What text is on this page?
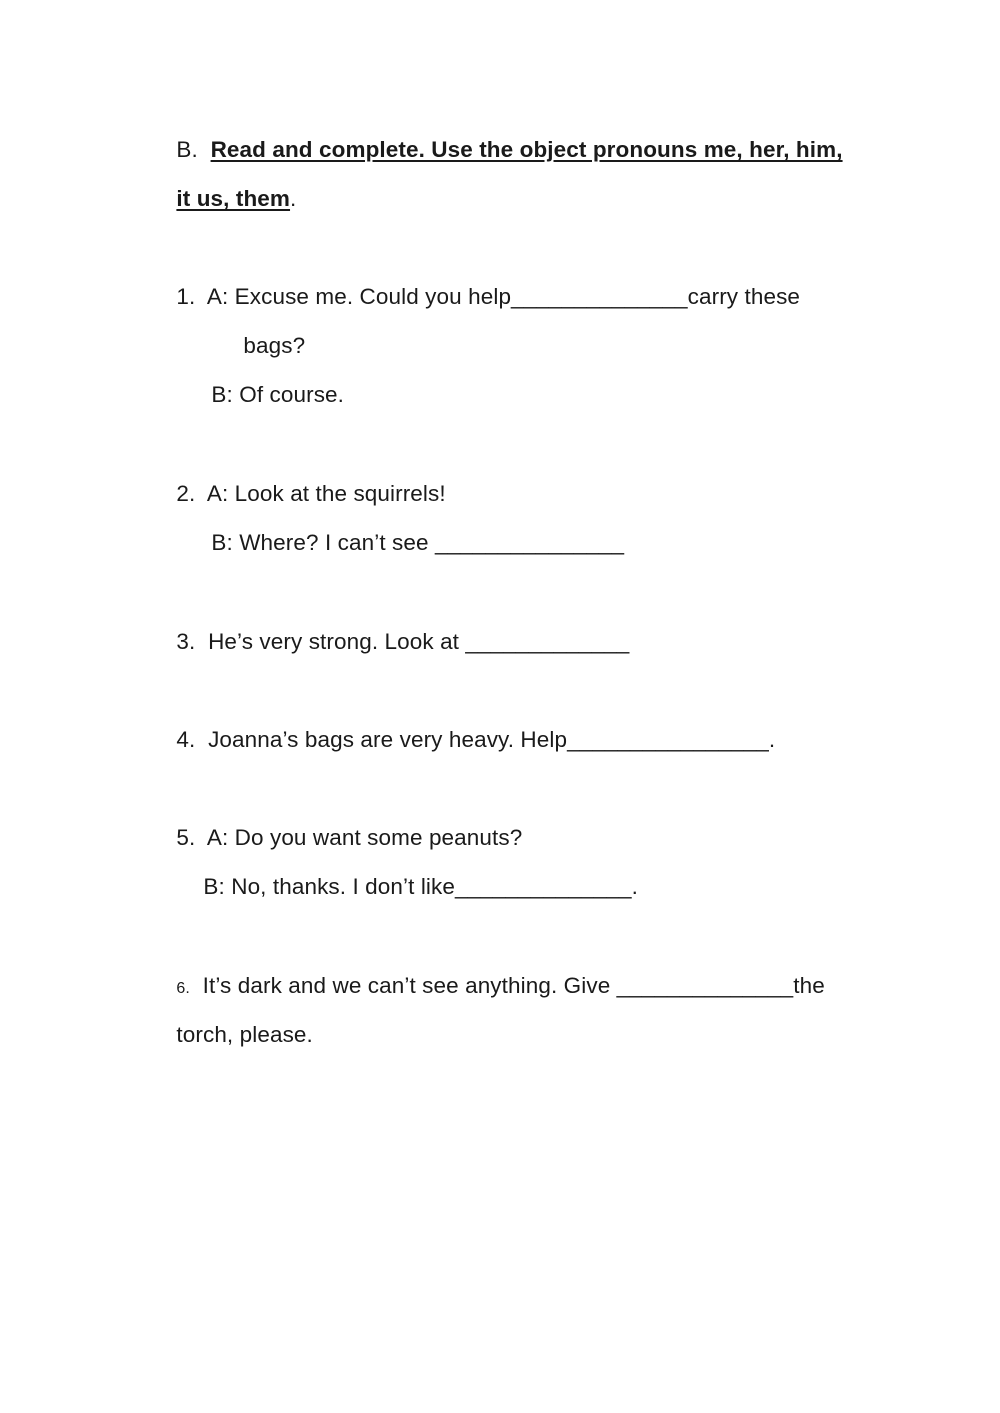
B. Read and complete. Use the object pronouns me, her, him,

it us, them.

1. A: Excuse me. Could you help______________carry these

bags?

B: Of course.

2. A: Look at the squirrels!

B: Where? I can’t see _______________

3. He’s very strong. Look at _____________

4. Joanna’s bags are very heavy. Help________________.

5. A: Do you want some peanuts?

B: No, thanks. I don’t like______________.

6. It’s dark and we can’t see anything. Give ______________the

torch, please.
